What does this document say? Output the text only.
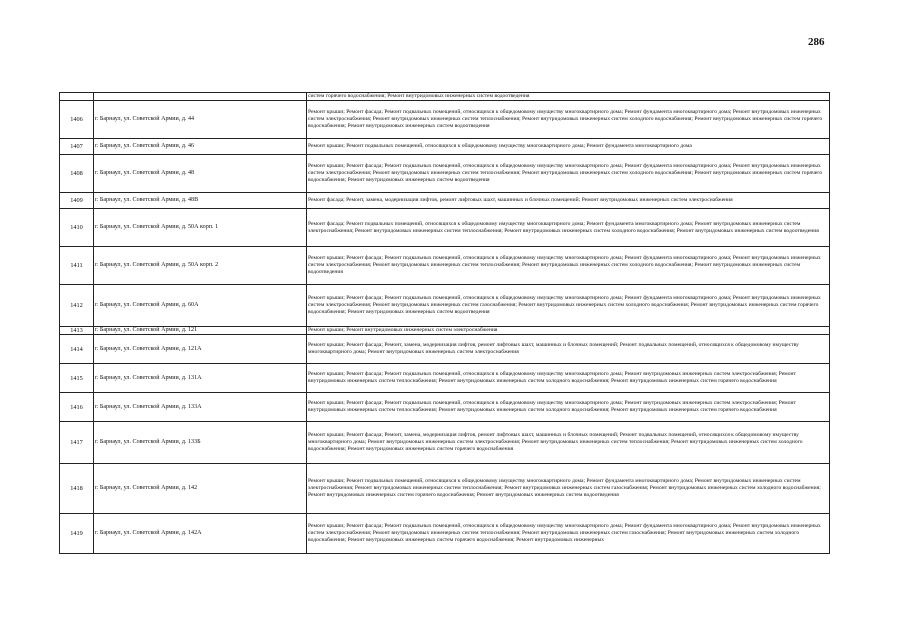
286
		систем горячего водоснабжения; Ремонт внутридомовых инженерных систем водоотведения
1406	г. Барнаул, ул. Советской Армии, д. 44	Ремонт крыши; Ремонт фасада; Ремонт подвальных помещений, относящихся к общедомовому имуществу многоквартирного дома; Ремонт фундамента многоквартирного дома; Ремонт внутридомовых инженерных систем электроснабжения; Ремонт внутридомовых инженерных систем теплоснабжения; Ремонт внутридомовых инженерных систем холодного водоснабжения; Ремонт внутридомовых инженерных систем горячего водоснабжения; Ремонт внутридомовых инженерных систем водоотведения
1407	г. Барнаул, ул. Советской Армии, д. 46	Ремонт крыши; Ремонт подвальных помещений, относящихся к общедомовому имуществу многоквартирного дома; Ремонт фундамента многоквартирного дома
1408	г. Барнаул, ул. Советской Армии, д. 48	Ремонт крыши; Ремонт фасада; Ремонт подвальных помещений, относящихся к общедомовому имуществу многоквартирного дома; Ремонт фундамента многоквартирного дома; Ремонт внутридомовых инженерных систем электроснабжения; Ремонт внутридомовых инженерных систем теплоснабжения; Ремонт внутридомовых инженерных систем холодного водоснабжения; Ремонт внутридомовых инженерных систем горячего водоснабжения; Ремонт внутридомовых инженерных систем водоотведения
1409	г. Барнаул, ул. Советской Армии, д. 48В	Ремонт фасада; Ремонт, замена, модернизация лифтов, ремонт лифтовых шахт, машинных и блочных помещений; Ремонт внутридомовых инженерных систем электроснабжения
1410	г. Барнаул, ул. Советской Армии, д. 50А корп. 1	Ремонт фасада; Ремонт подвальных помещений, относящихся к общедомовому имуществу многоквартирного дома; Ремонт фундамента многоквартирного дома; Ремонт внутридомовых инженерных систем электроснабжения; Ремонт внутридомовых инженерных систем теплоснабжения; Ремонт внутридомовых инженерных систем холодного водоснабжения; Ремонт внутридомовых инженерных систем водоотведения
1411	г. Барнаул, ул. Советской Армии, д. 50А корп. 2	Ремонт крыши; Ремонт фасада; Ремонт подвальных помещений, относящихся к общедомовому имуществу многоквартирного дома; Ремонт фундамента многоквартирного дома; Ремонт внутридомовых инженерных систем электроснабжения; Ремонт внутридомовых инженерных систем теплоснабжения; Ремонт внутридомовых инженерных систем холодного водоснабжения; Ремонт внутридомовых инженерных систем водоотведения
1412	г. Барнаул, ул. Советской Армии, д. 60А	Ремонт крыши; Ремонт фасада; Ремонт подвальных помещений, относящихся к общедомовому имуществу многоквартирного дома; Ремонт фундамента многоквартирного дома; Ремонт внутридомовых инженерных систем электроснабжения; Ремонт внутридомовых инженерных систем газоснабжения; Ремонт внутридомовых инженерных систем холодного водоснабжения; Ремонт внутридомовых инженерных систем горячего водоснабжения; Ремонт внутридомовых инженерных систем водоотведения
1413	г. Барнаул, ул. Советской Армии, д. 121	Ремонт крыши; Ремонт внутридомовых инженерных систем электроснабжения
1414	г. Барнаул, ул. Советской Армии, д. 121А	Ремонт крыши; Ремонт фасада; Ремонт, замена, модернизация лифтов, ремонт лифтовых шахт, машинных и блочных помещений; Ремонт подвальных помещений, относящихся к общедомовому имуществу многоквартирного дома; Ремонт внутридомовых инженерных систем электроснабжения
1415	г. Барнаул, ул. Советской Армии, д. 131А	Ремонт крыши; Ремонт фасада; Ремонт подвальных помещений, относящихся к общедомовому имуществу многоквартирного дома; Ремонт внутридомовых инженерных систем электроснабжения; Ремонт внутридомовых инженерных систем теплоснабжения; Ремонт внутридомовых инженерных систем холодного водоснабжения; Ремонт внутридомовых инженерных систем горячего водоснабжения
1416	г. Барнаул, ул. Советской Армии, д. 133А	Ремонт крыши; Ремонт фасада; Ремонт подвальных помещений, относящихся к общедомовому имуществу многоквартирного дома; Ремонт внутридомовых инженерных систем электроснабжения; Ремонт внутридомовых инженерных систем теплоснабжения; Ремонт внутридомовых инженерных систем холодного водоснабжения; Ремонт внутридомовых инженерных систем горячего водоснабжения
1417	г. Барнаул, ул. Советской Армии, д. 133Б	Ремонт крыши; Ремонт фасада; Ремонт, замена, модернизация лифтов, ремонт лифтовых шахт, машинных и блочных помещений; Ремонт подвальных помещений, относящихся к общедомовому имуществу многоквартирного дома; Ремонт внутридомовых инженерных систем электроснабжения; Ремонт внутридомовых инженерных систем теплоснабжения; Ремонт внутридомовых инженерных систем холодного водоснабжения; Ремонт внутридомовых инженерных систем горячего водоснабжения
1418	г. Барнаул, ул. Советской Армии, д. 142	Ремонт крыши; Ремонт подвальных помещений, относящихся к общедомовому имуществу многоквартирного дома; Ремонт фундамента многоквартирного дома; Ремонт внутридомовых инженерных систем электроснабжения; Ремонт внутридомовых инженерных систем теплоснабжения; Ремонт внутридомовых инженерных систем газоснабжения; Ремонт внутридомовых инженерных систем холодного водоснабжения; Ремонт внутридомовых инженерных систем горячего водоснабжения; Ремонт внутридомовых инженерных систем водоотведения
1419	г. Барнаул, ул. Советской Армии, д. 142А	Ремонт крыши; Ремонт фасада; Ремонт подвальных помещений, относящихся к общедомовому имуществу многоквартирного дома; Ремонт фундамента многоквартирного дома; Ремонт внутридомовых инженерных систем электроснабжения; Ремонт внутридомовых инженерных систем теплоснабжения; Ремонт внутридомовых инженерных систем газоснабжения; Ремонт внутридомовых инженерных систем холодного водоснабжения; Ремонт внутридомовых инженерных систем горячего водоснабжения; Ремонт внутридомовых инженерных
